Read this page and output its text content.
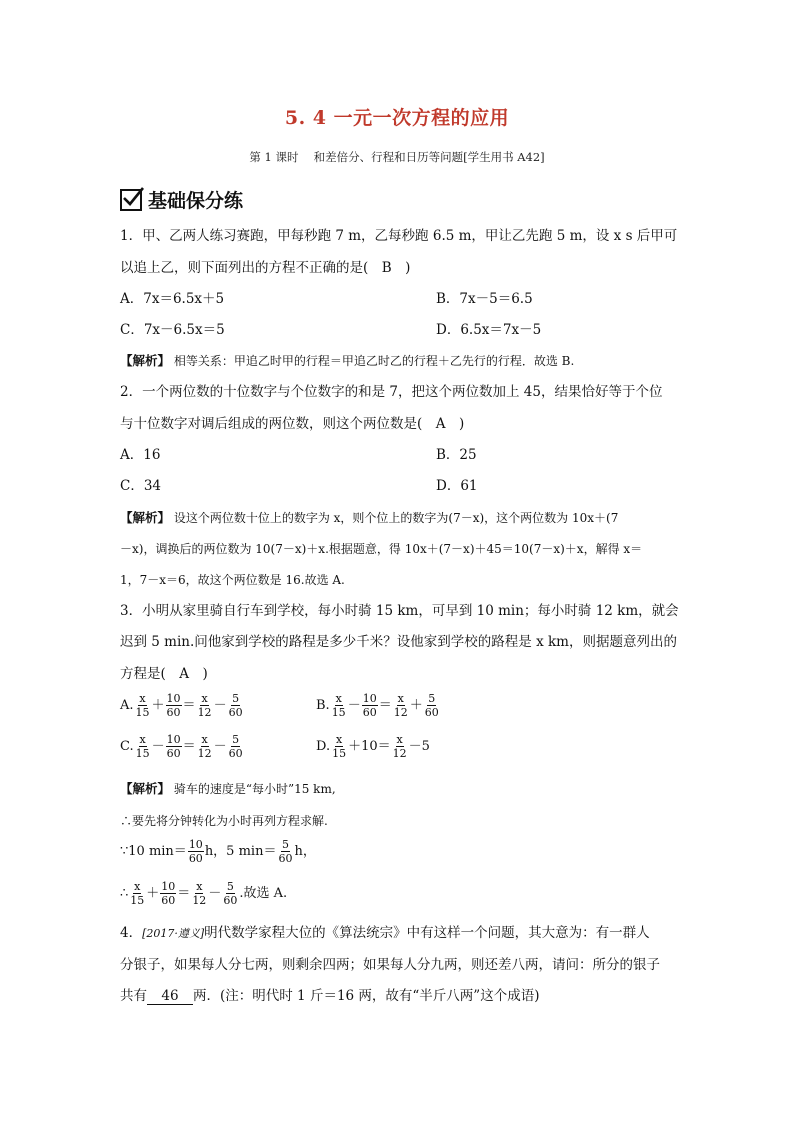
5. 4 一元一次方程的应用
第 1 课时　 和差倍分、行程和日历等问题[学生用书 A42]
基础保分练
1．甲、乙两人练习赛跑，甲每秒跑 7 m，乙每秒跑 6.5 m，甲让乙先跑 5 m，设 x s 后甲可
以追上乙，则下面列出的方程不正确的是(　B　)
A．7x＝6.5x＋5	B．7x－5＝6.5
C．7x－6.5x＝5	D．6.5x＝7x－5
【解析】 相等关系：甲追乙时甲的行程＝甲追乙时乙的行程＋乙先行的行程．故选 B.
2．一个两位数的十位数字与个位数字的和是 7，把这个两位数加上 45，结果恰好等于个位
与十位数字对调后组成的两位数，则这个两位数是(　A　)
A．16	B．25
C．34	D．61
【解析】 设这个两位数十位上的数字为 x，则个位上的数字为(7－x)，这个两位数为 10x＋(7
－x)，调换后的两位数为 10(7－x)＋x.根据题意，得 10x＋(7－x)＋45＝10(7－x)＋x，解得 x＝
1，7－x＝6，故这个两位数是 16.故选 A.
3．小明从家里骑自行车到学校，每小时骑 15 km，可早到 10 min；每小时骑 12 km，就会
迟到 5 min.问他家到学校的路程是多少千米？设他家到学校的路程是 x km，则据题意列出的
方程是(　A　)
A. $\frac{x}{15} + \frac{10}{60} = \frac{x}{12} - \frac{5}{60}$	B. $\frac{x}{15} - \frac{10}{60} = \frac{x}{12} + \frac{5}{60}$
C. $\frac{x}{15} - \frac{10}{60} = \frac{x}{12} - \frac{5}{60}$	D. $\frac{x}{15} +10= \frac{x}{12} -5$
【解析】 骑车的速度是“每小时”15 km,
∴要先将分钟转化为小时再列方程求解.
∵10 $\min= \frac{10}{60}$ h，5 $\min= \frac{5}{60}$ h，
∴ $\frac{x}{15} + \frac{10}{60} = \frac{x}{12} - \frac{5}{60}$ .故选 A.
4．[2017·遵义]明代数学家程大位的《算法统宗》中有这样一个问题，其大意为：有一群人
分银子，如果每人分七两，则剩余四两；如果每人分九两，则还差八两，请问：所分的银子
共有 46 两．(注：明代时 1 斤＝16 两，故有“半斤八两”这个成语)
